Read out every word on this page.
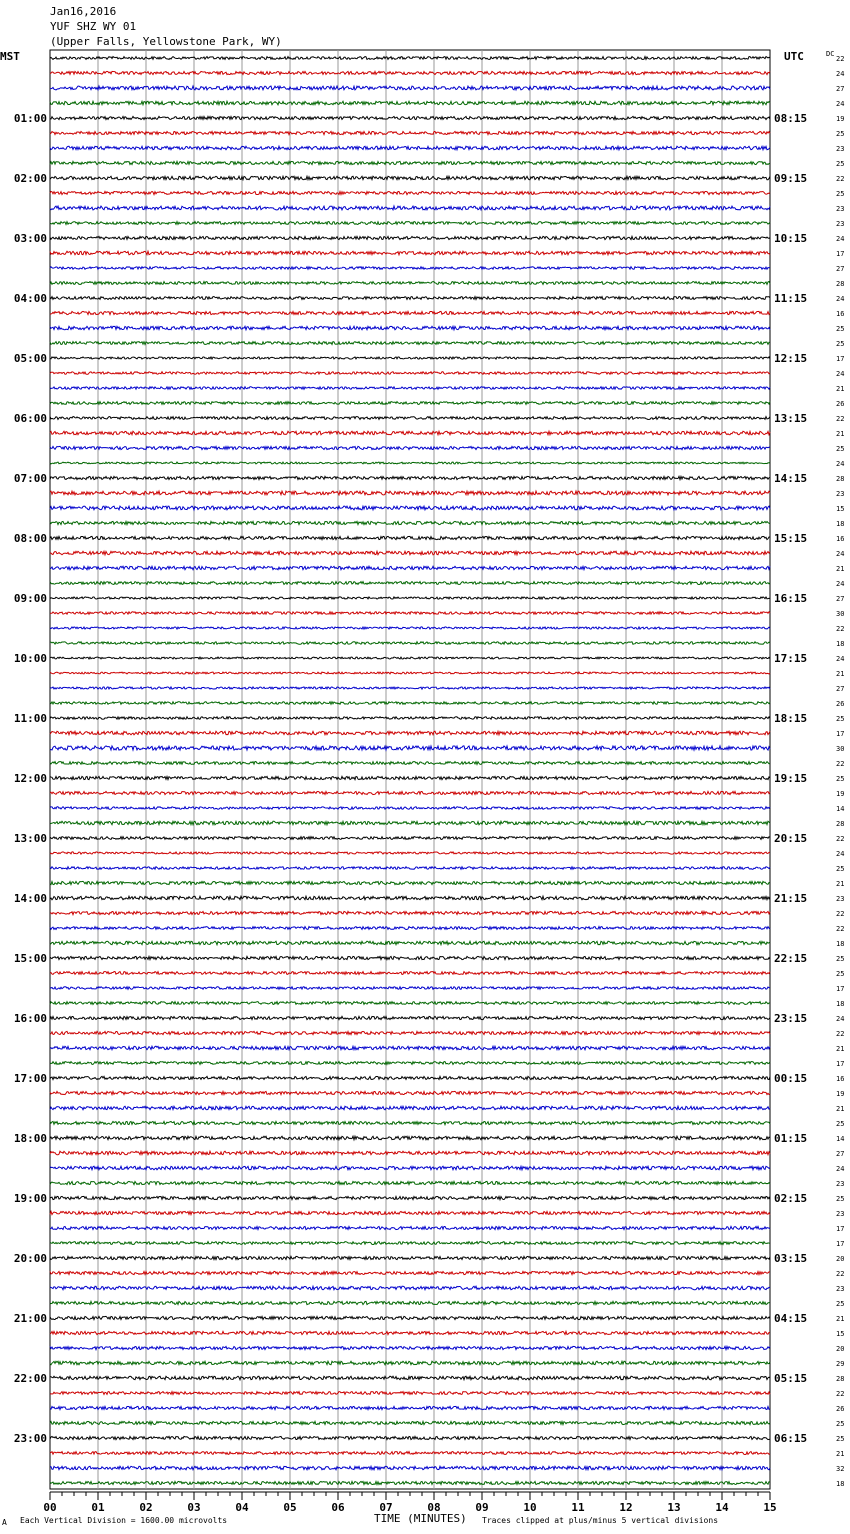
Jan16,2016
YUF SHZ WY 01
(Upper Falls, Yellowstone Park, WY)
MST	UTC	22
24
27
24
19
25
23
25
22
25
23
23
24
17
27
28
24
16
25
25
17
24
21
26
22
21
25
24
28
23
15
18
16
24
21
24
27
30
22
18
24
21
27
26
25
17
30
22
25
19
14
28
22
24
25
21
23
22
22
18
25
25
17
18
24
22
21
17
16
19
21
25
14
27
24
23
25
23
17
17
20
22
23
25
21
15
20
29
28
22
26
25
25
21
32
18
DC
01:00
02:00
03:00
04:00
05:00
06:00
07:00
08:00
09:00
10:00
11:00
12:00
13:00
14:00
15:00
16:00
17:00
18:00
19:00
20:00
21:00
22:00
23:00
08:15
09:15
10:15
11:15
12:15
13:15
14:15
15:15
16:15
17:15
18:15
19:15
20:15
21:15
22:15
23:15
00:15
01:15
02:15
03:15
04:15
05:15
06:15
00	01	02	03	04	05	06	07	08	09	10	11	12	13	14	15
A Each Vertical Division = 1600.00 microvolts	TIME (MINUTES) Traces clipped at plus/minus 5 vertical divisions
